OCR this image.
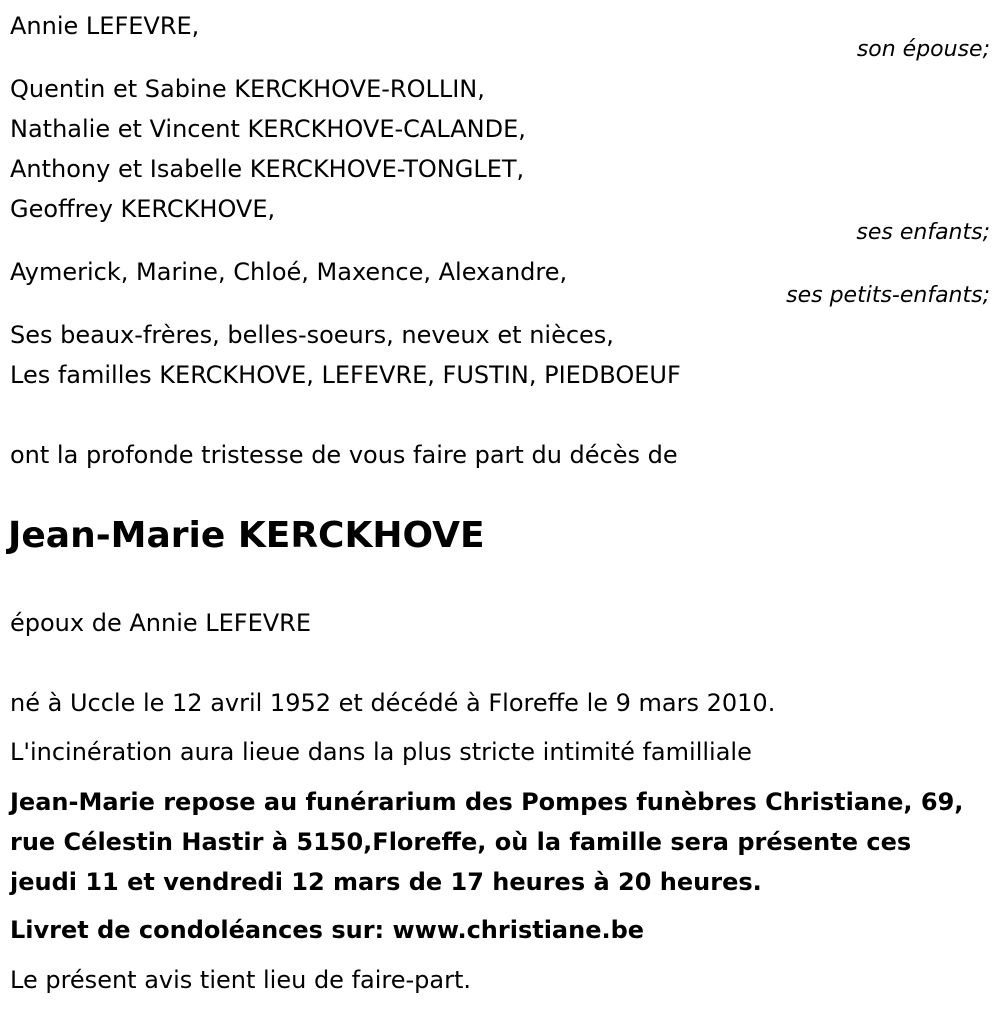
Annie LEFEVRE,
son épouse;
Quentin et Sabine KERCKHOVE-ROLLIN,
Nathalie et Vincent KERCKHOVE-CALANDE,
Anthony et Isabelle KERCKHOVE-TONGLET,
Geoffrey KERCKHOVE,
ses enfants;
Aymerick, Marine, Chloé, Maxence, Alexandre,
ses petits-enfants;
Ses beaux-frères, belles-soeurs, neveux et nièces,
Les familles KERCKHOVE, LEFEVRE, FUSTIN, PIEDBOEUF
ont la profonde tristesse de vous faire part du décès de
Jean-Marie KERCKHOVE
époux de Annie LEFEVRE
né à Uccle le 12 avril 1952 et décédé à Floreffe le 9 mars 2010.
L'incinération aura lieue dans la plus stricte intimité familliale
Jean-Marie repose au funérarium des Pompes funèbres Christiane, 69,
rue Célestin Hastir à 5150,Floreffe, où la famille sera présente ces
jeudi 11 et vendredi 12 mars de 17 heures à 20 heures.
Livret de condoléances sur: www.christiane.be
Le présent avis tient lieu de faire-part.
